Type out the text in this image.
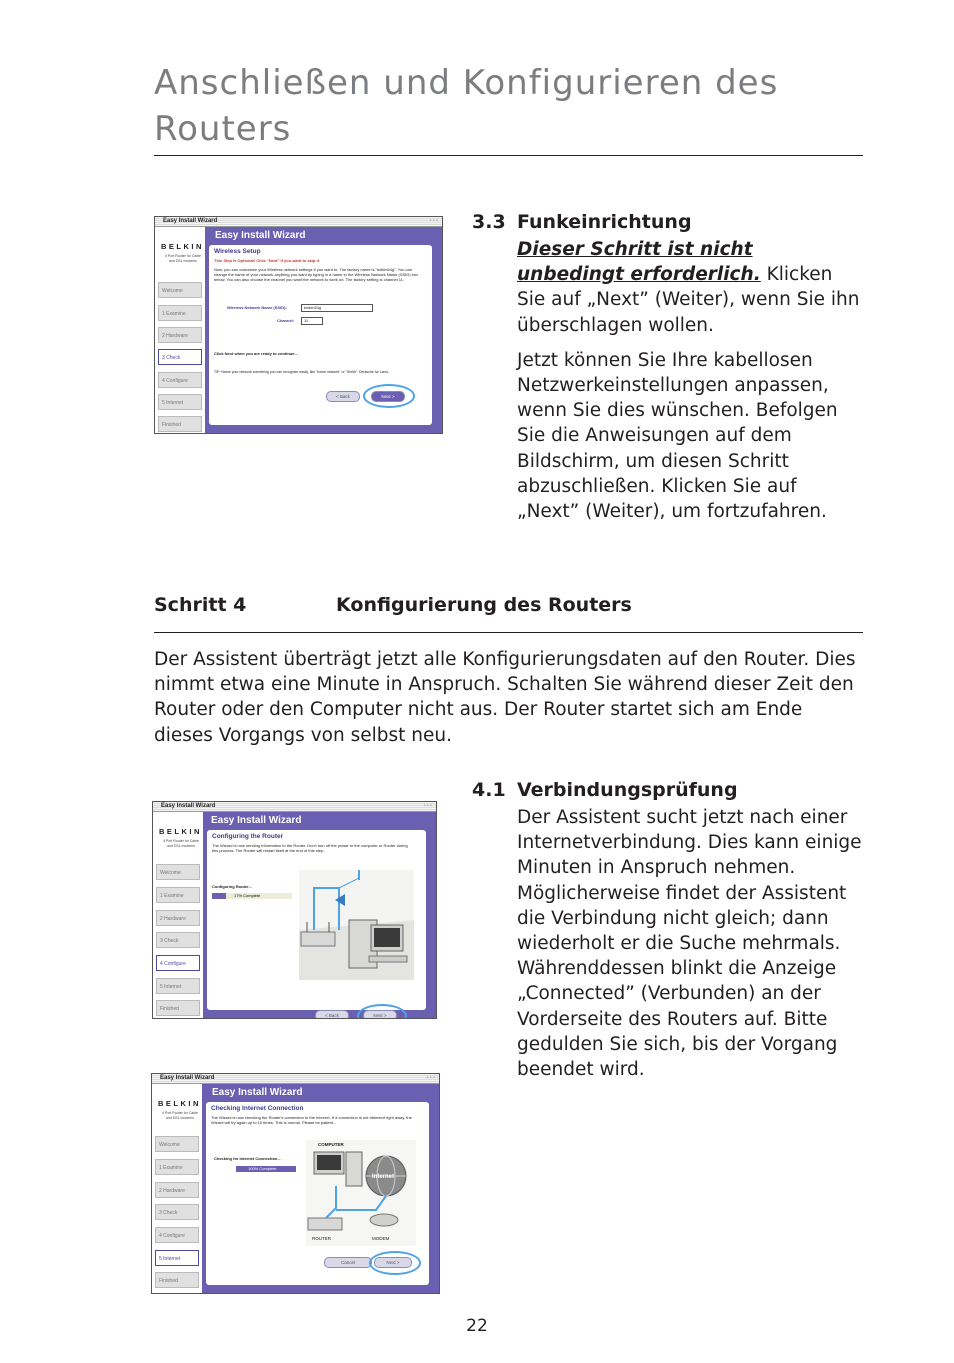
Anschließen und Konfigurieren des Routers
Easy Install Wizard	◦◦◦
BELKIN
4 Port Router for Cable and DSL modems
Welcome
1 Examine
2 Hardware
3 Check
4 Configure
5 Internet
Finished
Easy Install Wizard
Wireless Setup
This Step is Optional! Click "Next" if you want to skip it.
Now, you can customize your Wireless network settings if you want to. The factory name is "belkin54g". You can change the name of your network anything you want by typing in a name in the Wireless Network Name (SSID) box below. You can also choose the channel you want the network to work on. The factory setting is channel 11.
Wireless Network Name (SSID):	belkin54g
Channel:	11
Click Next when you are ready to continue...
TIP: Name your network something you can recognize easily, like "home network" or "Smith". Deutsche fur Land..
< Back	Next >
3.3 Funkeinrichtung

Dieser Schritt ist nicht unbedingt erforderlich. Klicken Sie auf „Next” (Weiter), wenn Sie ihn überschlagen wollen.

Jetzt können Sie Ihre kabellosen Netzwerkeinstellungen anpassen, wenn Sie dies wünschen. Befolgen Sie die Anweisungen auf dem Bildschirm, um diesen Schritt abzuschließen. Klicken Sie auf „Next” (Weiter), um fortzufahren.

Schritt 4	Konfigurierung des Routers
Der Assistent überträgt jetzt alle Konfigurierungsdaten auf den Router. Dies nimmt etwa eine Minute in Anspruch. Schalten Sie während dieser Zeit den Router oder den Computer nicht aus. Der Router startet sich am Ende dieses Vorgangs von selbst neu.
Easy Install Wizard	◦◦◦
BELKIN
4 Port Router for Cable and DSL modems
Welcome
1 Examine
2 Hardware
3 Check
4 Configure
5 Internet
Finished
Easy Install Wizard
Configuring the Router
The Wizard is now sending Information to the Router. Don't turn off the power to the computer or Router during this process. The Router will restart itself at the end of this step.
Configuring Router...
17% Complete
< Back	Next >
4.1 Verbindungsprüfung
Der Assistent sucht jetzt nach einer Internetverbindung. Dies kann einige Minuten in Anspruch nehmen. Möglicherweise findet der Assistent die Verbindung nicht gleich; dann wiederholt er die Suche mehrmals. Währenddessen blinkt die Anzeige „Connected” (Verbunden) an der Vorderseite des Routers auf. Bitte gedulden Sie sich, bis der Vorgang beendet wird.
Easy Install Wizard	◦◦◦
BELKIN
4 Port Router for Cable and DSL modems
Welcome
1 Examine
2 Hardware
3 Check
4 Configure
5 Internet
Finished
Easy Install Wizard
Checking Internet Connection
The Wizard is now checking the Router's connection to the Internet. If a connection is not detected right away, the Wizard will try again up to 10 times. This is normal. Please be patient...
Checking for Internet Connection...
100% Complete
COMPUTER
Internet
ROUTER	MODEM
Cancel	Next >
22
